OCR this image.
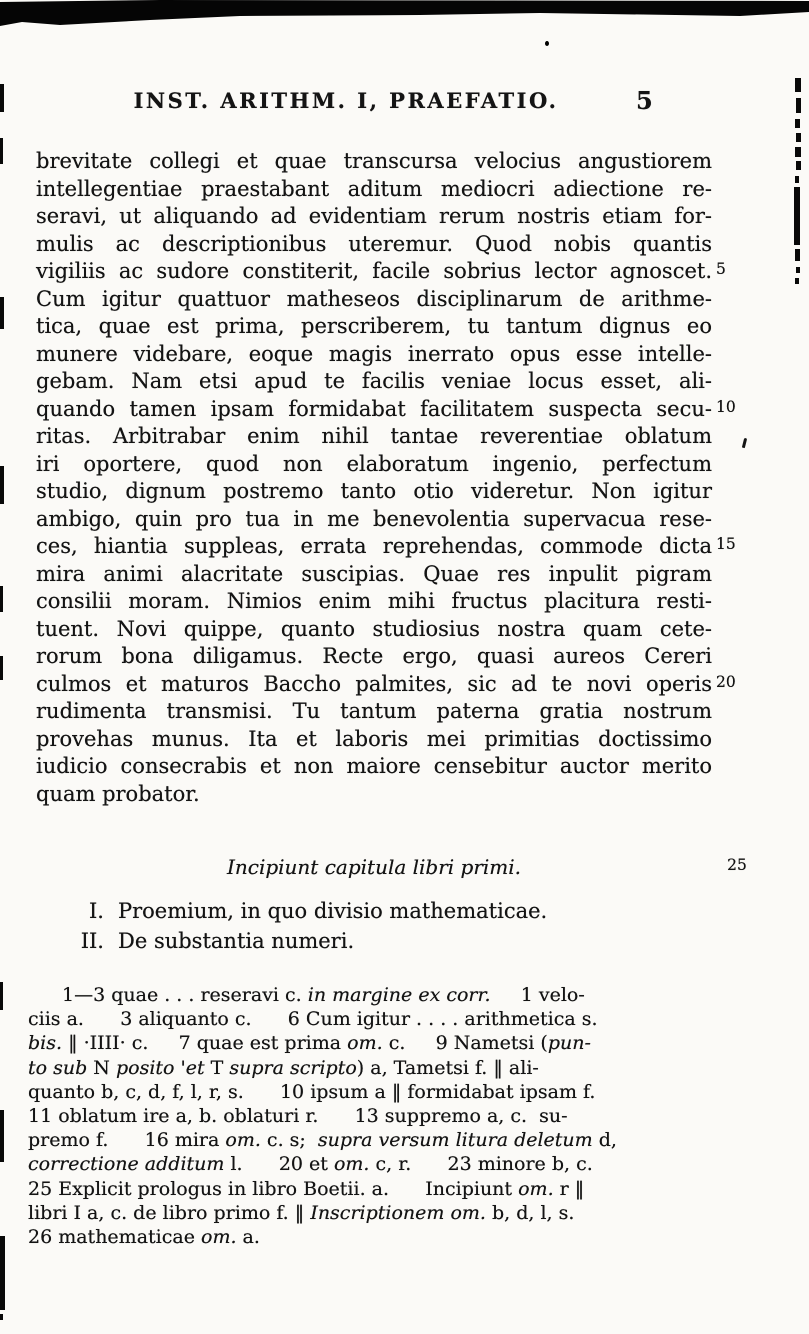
INST. ARITHM. I, PRAEFATIO.	5
brevitate collegi et quae transcursa velocius angustiorem
intellegentiae praestabant aditum mediocri adiectione re-
seravi, ut aliquando ad evidentiam rerum nostris etiam for-
mulis ac descriptionibus uteremur. Quod nobis quantis
vigiliis ac sudore constiterit, facile sobrius lector agnoscet. 5
Cum igitur quattuor matheseos disciplinarum de arithme-
tica, quae est prima, perscriberem, tu tantum dignus eo
munere videbare, eoque magis inerrato opus esse intelle-
gebam. Nam etsi apud te facilis veniae locus esset, ali-
quando tamen ipsam formidabat facilitatem suspecta secu- 10
ritas. Arbitrabar enim nihil tantae reverentiae oblatum
iri oportere, quod non elaboratum ingenio, perfectum
studio, dignum postremo tanto otio videretur. Non igitur
ambigo, quin pro tua in me benevolentia supervacua rese-
ces, hiantia suppleas, errata reprehendas, commode dicta 15
mira animi alacritate suscipias. Quae res inpulit pigram
consilii moram. Nimios enim mihi fructus placitura resti-
tuent. Novi quippe, quanto studiosius nostra quam cete-
rorum bona diligamus. Recte ergo, quasi aureos Cereri
culmos et maturos Baccho palmites, sic ad te novi operis 20
rudimenta transmisi. Tu tantum paterna gratia nostrum
provehas munus. Ita et laboris mei primitias doctissimo
iudicio consecrabis et non maiore censebitur auctor merito
quam probator.
Incipiunt capitula libri primi.	25
I. Proemium, in quo divisio mathematicae.
II. De substantia numeri.
1—3 quae . . . reseravi c. in margine ex corr.     1 velo-
ciis a.      3 aliquanto c.      6 Cum igitur . . . . arithmetica s.
bis. ‖ ·IIII· c.     7 quae est prima om. c.     9 Nametsi (pun-
to sub N posito 'et T supra scripto) a, Tametsi f. ‖ ali-
quanto b, c, d, f, l, r, s.      10 ipsum a ‖ formidabat ipsam f.
11 oblatum ire a, b. oblaturi r.      13 suppremo a, c.  su-
premo f.      16 mira om. c. s;  supra versum litura deletum d,
correctione additum l.      20 et om. c, r.      23 minore b, c.
25 Explicit prologus in libro Boetii. a.      Incipiunt om. r ‖
libri I a, c. de libro primo f. ‖ Inscriptionem om. b, d, l, s.
26 mathematicae om. a.
